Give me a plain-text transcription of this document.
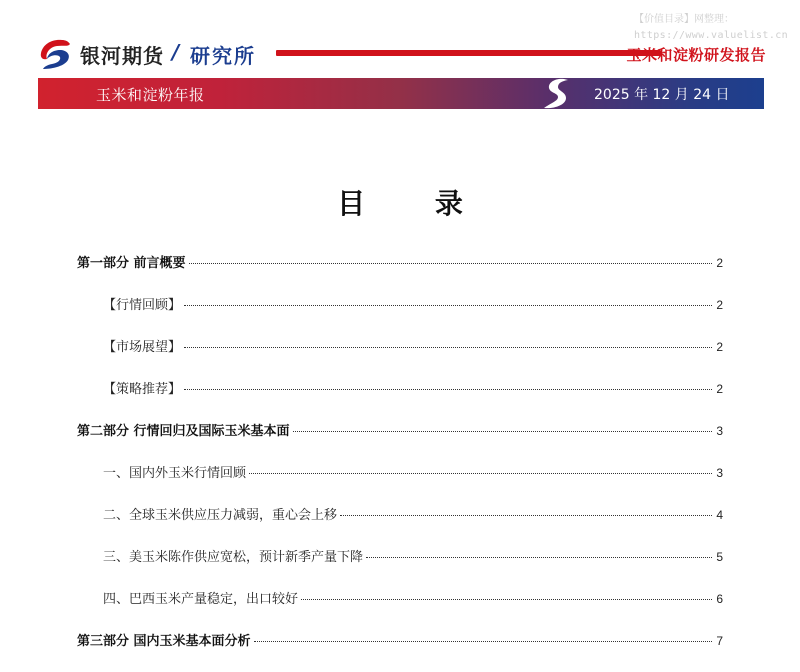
【价值目录】网整理：
https://www.valuelist.cn
银河期货 / 研究所	玉米和淀粉研发报告
玉米和淀粉年报	2025 年 12 月 24 日
目 录
第一部分 前言概要	2
【行情回顾】	2
【市场展望】	2
【策略推荐】	2
第二部分 行情回归及国际玉米基本面	3
一、国内外玉米行情回顾	3
二、全球玉米供应压力减弱，重心会上移	4
三、美玉米陈作供应宽松，预计新季产量下降	5
四、巴西玉米产量稳定，出口较好	6
第三部分 国内玉米基本面分析	7
